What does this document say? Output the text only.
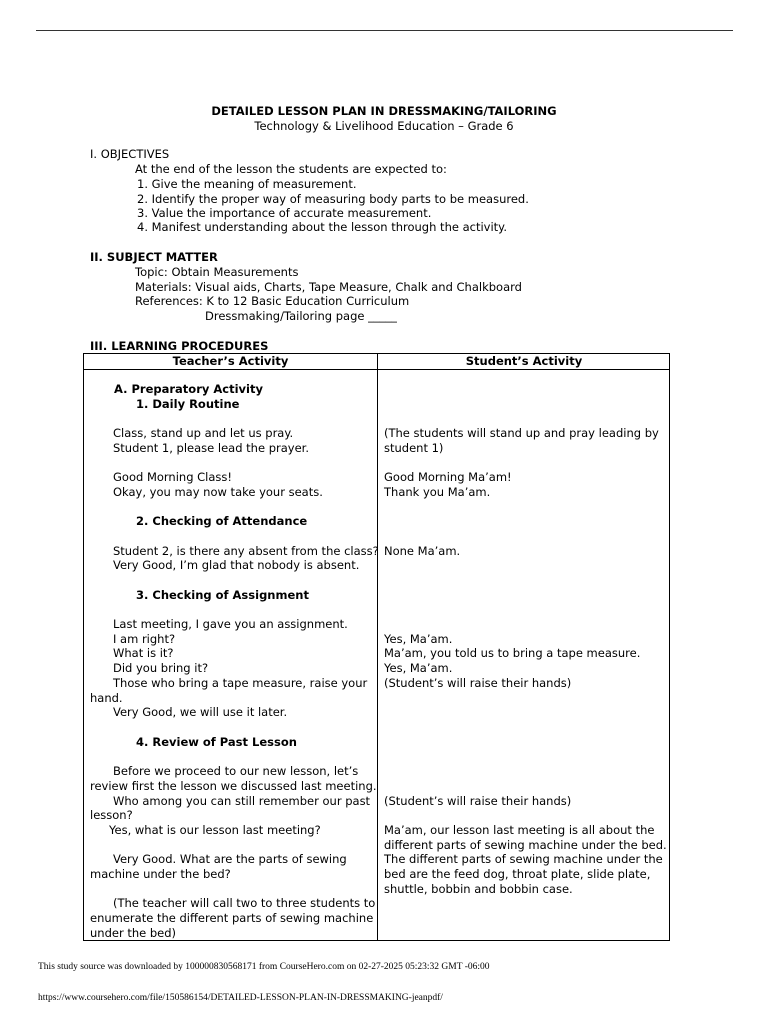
DETAILED LESSON PLAN IN DRESSMAKING/TAILORING
Technology & Livelihood Education – Grade 6
I. OBJECTIVES
At the end of the lesson the students are expected to:
1. Give the meaning of measurement.
2. Identify the proper way of measuring body parts to be measured.
3. Value the importance of accurate measurement.
4. Manifest understanding about the lesson through the activity.
II. SUBJECT MATTER
Topic: Obtain Measurements
Materials: Visual aids, Charts, Tape Measure, Chalk and Chalkboard
References: K to 12 Basic Education Curriculum
Dressmaking/Tailoring page _____
III. LEARNING PROCEDURES
Teacher’s Activity	Student’s Activity
A. Preparatory Activity
1. Daily Routine
Class, stand up and let us pray.
Student 1, please lead the prayer.
Good Morning Class!
Okay, you may now take your seats.
2. Checking of Attendance
Student 2, is there any absent from the class?
Very Good, I’m glad that nobody is absent.
3. Checking of Assignment
Last meeting, I gave you an assignment.
I am right?
What is it?
Did you bring it?
Those who bring a tape measure, raise your
hand.
Very Good, we will use it later.
4. Review of Past Lesson
Before we proceed to our new lesson, let’s
review first the lesson we discussed last meeting.
Who among you can still remember our past
lesson?
Yes, what is our lesson last meeting?
Very Good. What are the parts of sewing
machine under the bed?
(The teacher will call two to three students to
enumerate the different parts of sewing machine
under the bed)
(The students will stand up and pray leading by
student 1)
Good Morning Ma’am!
Thank you Ma’am.
None Ma’am.
Yes, Ma’am.
Ma’am, you told us to bring a tape measure.
Yes, Ma’am.
(Student’s will raise their hands)
(Student’s will raise their hands)
Ma’am, our lesson last meeting is all about the
different parts of sewing machine under the bed.
The different parts of sewing machine under the
bed are the feed dog, throat plate, slide plate,
shuttle, bobbin and bobbin case.
This study source was downloaded by 100000830568171 from CourseHero.com on 02-27-2025 05:23:32 GMT -06:00
https://www.coursehero.com/file/150586154/DETAILED-LESSON-PLAN-IN-DRESSMAKING-jeanpdf/
